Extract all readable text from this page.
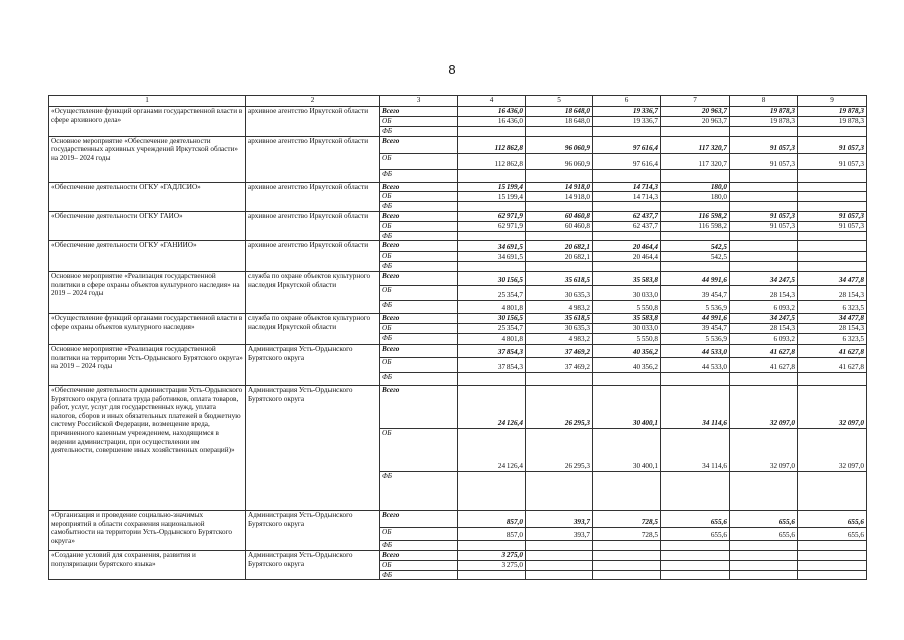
8
1	2	3	4	5	6	7	8	9
«Осуществление функций органами государственной власти в сфере архивного дела»	архивное агентство Иркутской области	Всего	16 436,0	18 648,0	19 336,7	20 963,7	19 878,3	19 878,3
		ОБ	16 436,0	18 648,0	19 336,7	20 963,7	19 878,3	19 878,3
		ФБ						
Основное мероприятие «Обеспечение деятельности государственных архивных учреждений Иркутской области» на 2019– 2024 годы	архивное агентство Иркутской области	Всего	112 862,8	96 060,9	97 616,4	117 320,7	91 057,3	91 057,3
		ОБ	112 862,8	96 060,9	97 616,4	117 320,7	91 057,3	91 057,3
		ФБ						
«Обеспечение деятельности ОГКУ «ГАДЛСИО»	архивное агентство Иркутской области	Всего	15 199,4	14 918,0	14 714,3	180,0		
		ОБ	15 199,4	14 918,0	14 714,3	180,0		
		ФБ						
«Обеспечение деятельности ОГКУ ГАИО»	архивное агентство Иркутской области	Всего	62 971,9	60 460,8	62 437,7	116 598,2	91 057,3	91 057,3
		ОБ	62 971,9	60 460,8	62 437,7	116 598,2	91 057,3	91 057,3
		ФБ						
«Обеспечение деятельности ОГКУ «ГАНИИО»	архивное агентство Иркутской области	Всего	34 691,5	20 682,1	20 464,4	542,5		
		ОБ	34 691,5	20 682,1	20 464,4	542,5		
		ФБ						
Основное мероприятие «Реализация государственной политики в сфере охраны объектов культурного наследия» на 2019 – 2024 годы	служба по охране объектов культурного наследия Иркутской области	Всего	30 156,5	35 618,5	35 583,8	44 991,6	34 247,5	34 477,8
		ОБ	25 354,7	30 635,3	30 033,0	39 454,7	28 154,3	28 154,3
		ФБ	4 801,8	4 983,2	5 550,8	5 536,9	6 093,2	6 323,5
«Осуществление функций органами государственной власти в сфере охраны объектов культурного наследия»	служба по охране объектов культурного наследия Иркутской области	Всего	30 156,5	35 618,5	35 583,8	44 991,6	34 247,5	34 477,8
		ОБ	25 354,7	30 635,3	30 033,0	39 454,7	28 154,3	28 154,3
		ФБ	4 801,8	4 983,2	5 550,8	5 536,9	6 093,2	6 323,5
Основное мероприятие «Реализация государственной политики на территории Усть-Ордынского Бурятского округа» на 2019 – 2024 годы	Администрация Усть-Ордынского Бурятского округа	Всего	37 854,3	37 469,2	40 356,2	44 533,0	41 627,8	41 627,8
		ОБ	37 854,3	37 469,2	40 356,2	44 533,0	41 627,8	41 627,8
		ФБ						
«Обеспечение деятельности администрации Усть-Ордынского Бурятского округа (оплата труда работников, оплата товаров, работ, услуг, услуг для государственных нужд, уплата налогов, сборов и иных обязательных платежей в бюджетную систему Российской Федерации, возмещение вреда, причиненного казенным учреждением, находящимся в ведении администрации, при осуществлении им деятельности, совершение иных хозяйственных операций)»	Администрация Усть-Ордынского Бурятского округа	Всего	24 126,4	26 295,3	30 400,1	34 114,6	32 097,0	32 097,0
		ОБ	24 126,4	26 295,3	30 400,1	34 114,6	32 097,0	32 097,0
		ФБ						
«Организация и проведение социально-значимых мероприятий в области сохранения национальной самобытности на территории Усть-Ордынского Бурятского округа»	Администрация Усть-Ордынского Бурятского округа	Всего	857,0	393,7	728,5	655,6	655,6	655,6
		ОБ	857,0	393,7	728,5	655,6	655,6	655,6
		ФБ						
«Создание условий для сохранения, развития и популяризации бурятского языка»	Администрация Усть-Ордынского Бурятского округа	Всего	3 275,0					
		ОБ	3 275,0					
		ФБ						
